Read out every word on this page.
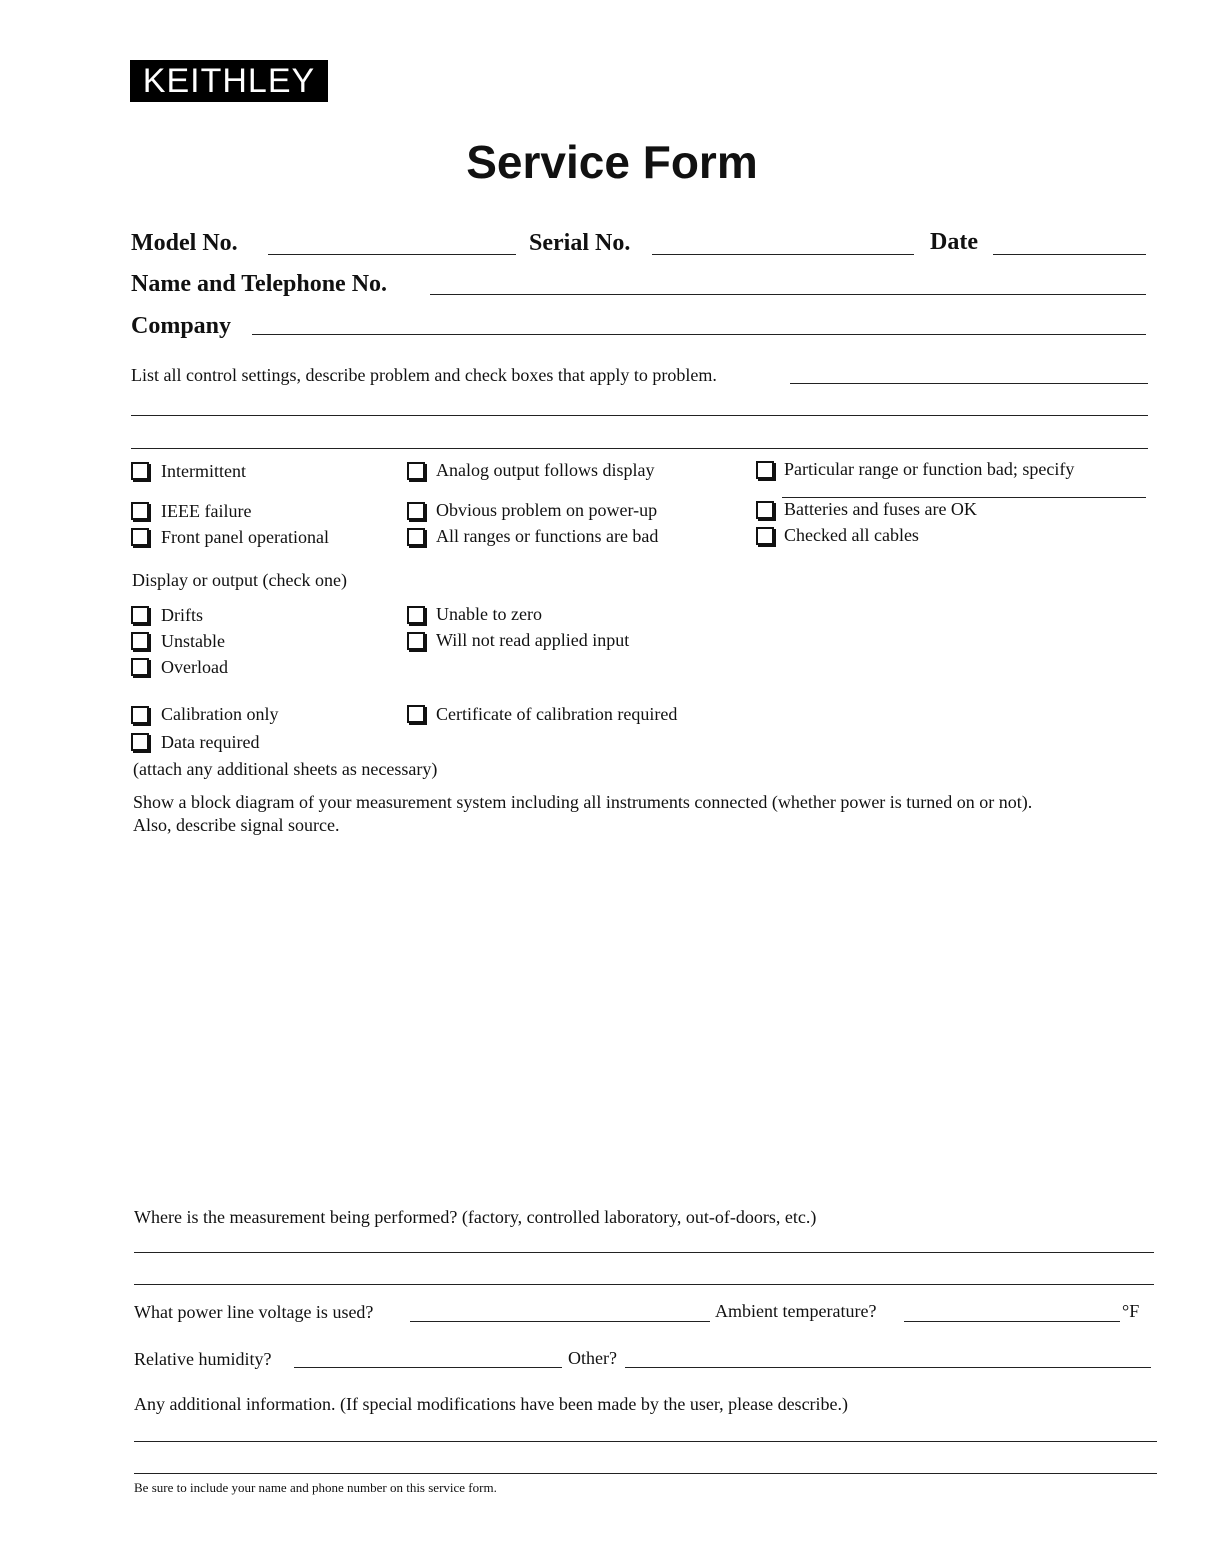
KEITHLEY
Service Form
Model No.	Serial No.	Date
Name and Telephone No.
Company
List all control settings, describe problem and check boxes that apply to problem.
Intermittent	Analog output follows display	Particular range or function bad; specify
IEEE failure	Obvious problem on power-up	Batteries and fuses are OK
Front panel operational	All ranges or functions are bad	Checked all cables
Display or output (check one)
Drifts	Unable to zero
Unstable	Will not read applied input
Overload
Calibration only	Certificate of calibration required
Data required
(attach any additional sheets as necessary)
Show a block diagram of your measurement system including all instruments connected (whether power is turned on or not).
Also, describe signal source.
Where is the measurement being performed? (factory, controlled laboratory, out-of-doors, etc.)
What power line voltage is used?	Ambient temperature?	°F
Relative humidity?	Other?
Any additional information. (If special modifications have been made by the user, please describe.)
Be sure to include your name and phone number on this service form.
